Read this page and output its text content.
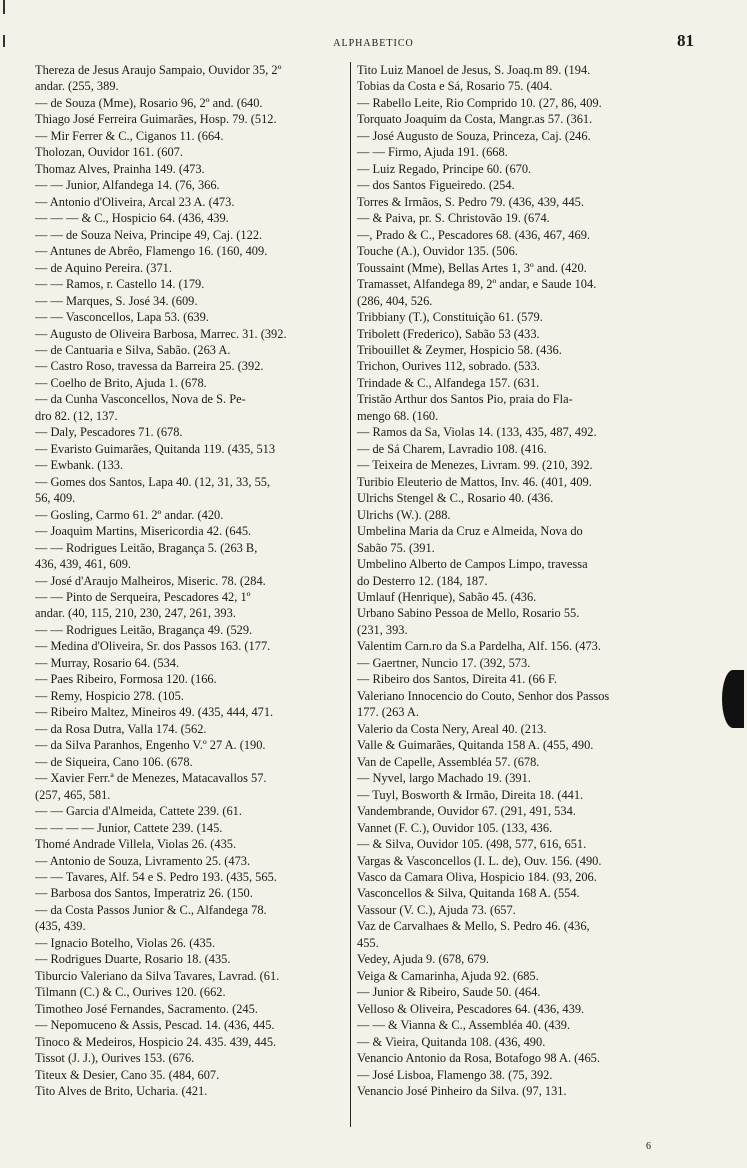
ALPHABETICO	81
Thereza de Jesus Araujo Sampaio, Ouvidor 35, 2º
andar. (255, 389.
— de Souza (Mme), Rosario 96, 2º and. (640.
Thiago José Ferreira Guimarães, Hosp. 79. (512.
— Mir Ferrer & C., Ciganos 11. (664.
Tholozan, Ouvidor 161. (607.
Thomaz Alves, Prainha 149. (473.
— — Junior, Alfandega 14. (76, 366.
— Antonio d'Oliveira, Arcal 23 A. (473.
— — — & C., Hospicio 64. (436, 439.
— — de Souza Neiva, Principe 49, Caj. (122.
— Antunes de Abrêo, Flamengo 16. (160, 409.
— de Aquino Pereira. (371.
— — Ramos, r. Castello 14. (179.
— — Marques, S. José 34. (609.
— — Vasconcellos, Lapa 53. (639.
— Augusto de Oliveira Barbosa, Marrec. 31. (392.
— de Cantuaria e Silva, Sabão. (263 A.
— Castro Roso, travessa da Barreira 25. (392.
— Coelho de Brito, Ajuda 1. (678.
— da Cunha Vasconcellos, Nova de S. Pe-
dro 82. (12, 137.
— Daly, Pescadores 71. (678.
— Evaristo Guimarães, Quitanda 119. (435, 513
— Ewbank. (133.
— Gomes dos Santos, Lapa 40. (12, 31, 33, 55,
56, 409.
— Gosling, Carmo 61. 2º andar. (420.
— Joaquim Martins, Misericordia 42. (645.
— — Rodrigues Leitão, Bragança 5. (263 B,
436, 439, 461, 609.
— José d'Araujo Malheiros, Miseric. 78. (284.
— — Pinto de Serqueira, Pescadores 42, 1º
andar. (40, 115, 210, 230, 247, 261, 393.
— — Rodrigues Leitão, Bragança 49. (529.
— Medina d'Oliveira, Sr. dos Passos 163. (177.
— Murray, Rosario 64. (534.
— Paes Ribeiro, Formosa 120. (166.
— Remy, Hospicio 278. (105.
— Ribeiro Maltez, Mineiros 49. (435, 444, 471.
— da Rosa Dutra, Valla 174. (562.
— da Silva Paranhos, Engenho V.º 27 A. (190.
— de Siqueira, Cano 106. (678.
— Xavier Ferr.ª de Menezes, Matacavallos 57.
(257, 465, 581.
— — Garcia d'Almeida, Cattete 239. (61.
— — — — Junior, Cattete 239. (145.
Thomé Andrade Villela, Violas 26. (435.
— Antonio de Souza, Livramento 25. (473.
— — Tavares, Alf. 54 e S. Pedro 193. (435, 565.
— Barbosa dos Santos, Imperatriz 26. (150.
— da Costa Passos Junior & C., Alfandega 78.
(435, 439.
— Ignacio Botelho, Violas 26. (435.
— Rodrigues Duarte, Rosario 18. (435.
Tiburcio Valeriano da Silva Tavares, Lavrad. (61.
Tilmann (C.) & C., Ourives 120. (662.
Timotheo José Fernandes, Sacramento. (245.
— Nepomuceno & Assis, Pescad. 14. (436, 445.
Tinoco & Medeiros, Hospicio 24. 435. 439, 445.
Tissot (J. J.), Ourives 153. (676.
Titeux & Desier, Cano 35. (484, 607.
Tito Alves de Brito, Ucharia. (421.
Tito Luiz Manoel de Jesus, S. Joaq.m 89. (194.
Tobias da Costa e Sá, Rosario 75. (404.
— Rabello Leite, Rio Comprido 10. (27, 86, 409.
Torquato Joaquim da Costa, Mangr.as 57. (361.
— José Augusto de Souza, Princeza, Caj. (246.
— — Firmo, Ajuda 191. (668.
— Luiz Regado, Principe 60. (670.
— dos Santos Figueiredo. (254.
Torres & Irmãos, S. Pedro 79. (436, 439, 445.
— & Paiva, pr. S. Christovão 19. (674.
—, Prado & C., Pescadores 68. (436, 467, 469.
Touche (A.), Ouvidor 135. (506.
Toussaint (Mme), Bellas Artes 1, 3º and. (420.
Tramasset, Alfandega 89, 2º andar, e Saude 104.
(286, 404, 526.
Tribbiany (T.), Constituição 61. (579.
Tribolett (Frederico), Sabão 53 (433.
Tribouillet & Zeymer, Hospicio 58. (436.
Trichon, Ourives 112, sobrado. (533.
Trindade & C., Alfandega 157. (631.
Tristão Arthur dos Santos Pio, praia do Fla-
mengo 68. (160.
— Ramos da Sa, Violas 14. (133, 435, 487, 492.
— de Sá Charem, Lavradio 108. (416.
— Teixeira de Menezes, Livram. 99. (210, 392.
Turibio Eleuterio de Mattos, Inv. 46. (401, 409.
Ulrichs Stengel & C., Rosario 40. (436.
Ulrichs (W.). (288.
Umbelina Maria da Cruz e Almeida, Nova do
Sabão 75. (391.
Umbelino Alberto de Campos Limpo, travessa
do Desterro 12. (184, 187.
Umlauf (Henrique), Sabão 45. (436.
Urbano Sabino Pessoa de Mello, Rosario 55.
(231, 393.
Valentim Carn.ro da S.a Pardelha, Alf. 156. (473.
— Gaertner, Nuncio 17. (392, 573.
— Ribeiro dos Santos, Direita 41. (66 F.
Valeriano Innocencio do Couto, Senhor dos Passos
177. (263 A.
Valerio da Costa Nery, Areal 40. (213.
Valle & Guimarães, Quitanda 158 A. (455, 490.
Van de Capelle, Assembléa 57. (678.
— Nyvel, largo Machado 19. (391.
— Tuyl, Bosworth & Irmão, Direita 18. (441.
Vandembrande, Ouvidor 67. (291, 491, 534.
Vannet (F. C.), Ouvidor 105. (133, 436.
— & Silva, Ouvidor 105. (498, 577, 616, 651.
Vargas & Vasconcellos (I. L. de), Ouv. 156. (490.
Vasco da Camara Oliva, Hospicio 184. (93, 206.
Vasconcellos & Silva, Quitanda 168 A. (554.
Vassour (V. C.), Ajuda 73. (657.
Vaz de Carvalhaes & Mello, S. Pedro 46. (436,
455.
Vedey, Ajuda 9. (678, 679.
Veiga & Camarinha, Ajuda 92. (685.
— Junior & Ribeiro, Saude 50. (464.
Velloso & Oliveira, Pescadores 64. (436, 439.
— — & Vianna & C., Assembléa 40. (439.
— & Vieira, Quitanda 108. (436, 490.
Venancio Antonio da Rosa, Botafogo 98 A. (465.
— José Lisboa, Flamengo 38. (75, 392.
Venancio José Pinheiro da Silva. (97, 131.
6
